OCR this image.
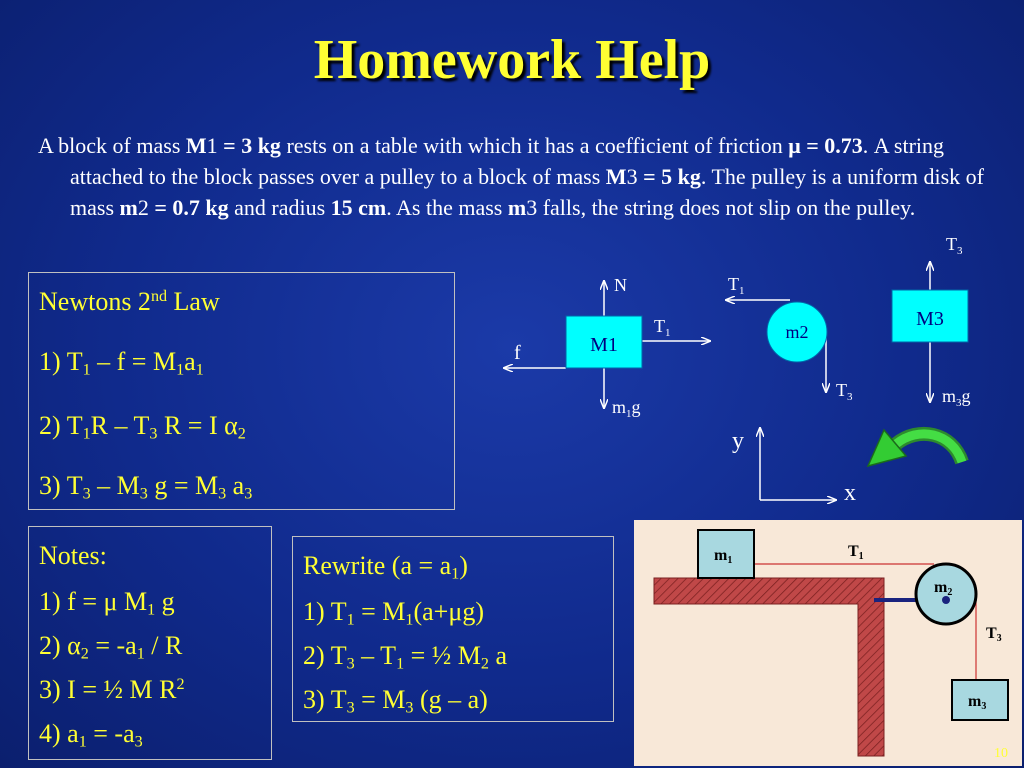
Homework Help
A block of mass M1 = 3 kg rests on a table with which it has a coefficient of friction μ = 0.73. A string attached to the block passes over a pulley to a block of mass M3 = 5 kg. The pulley is a uniform disk of mass m2 = 0.7 kg and radius 15 cm. As the mass m3 falls, the string does not slip on the pulley.
Newtons 2nd Law
1) $T_1 - f = M_1a_1$
2) $T_1R - T_3$ R = I $\alpha_2$
3) $T_3 - M_3$ $g = M_3$ $a_3$
Notes:
1) f = μ $M_1$ g
2) $\alpha_2 = -a_1 / R$
3) I = ½ M $R^2$
4) $a_1 = -a_3$
Rewrite $(a = a_1)$
1) $T_1 = M_1(a+\mu g)$
2) $T_3 - T_1$ = ½ $M_2$ a
3) $T_3 = M_3$ (g – a)
M1
N
f
$T_1$
$m_1g$
m2
$T_1$
$T_3$
M3
$T_3$
$m_3g$
y
x
m1
T1
m2
T3
m3
10
